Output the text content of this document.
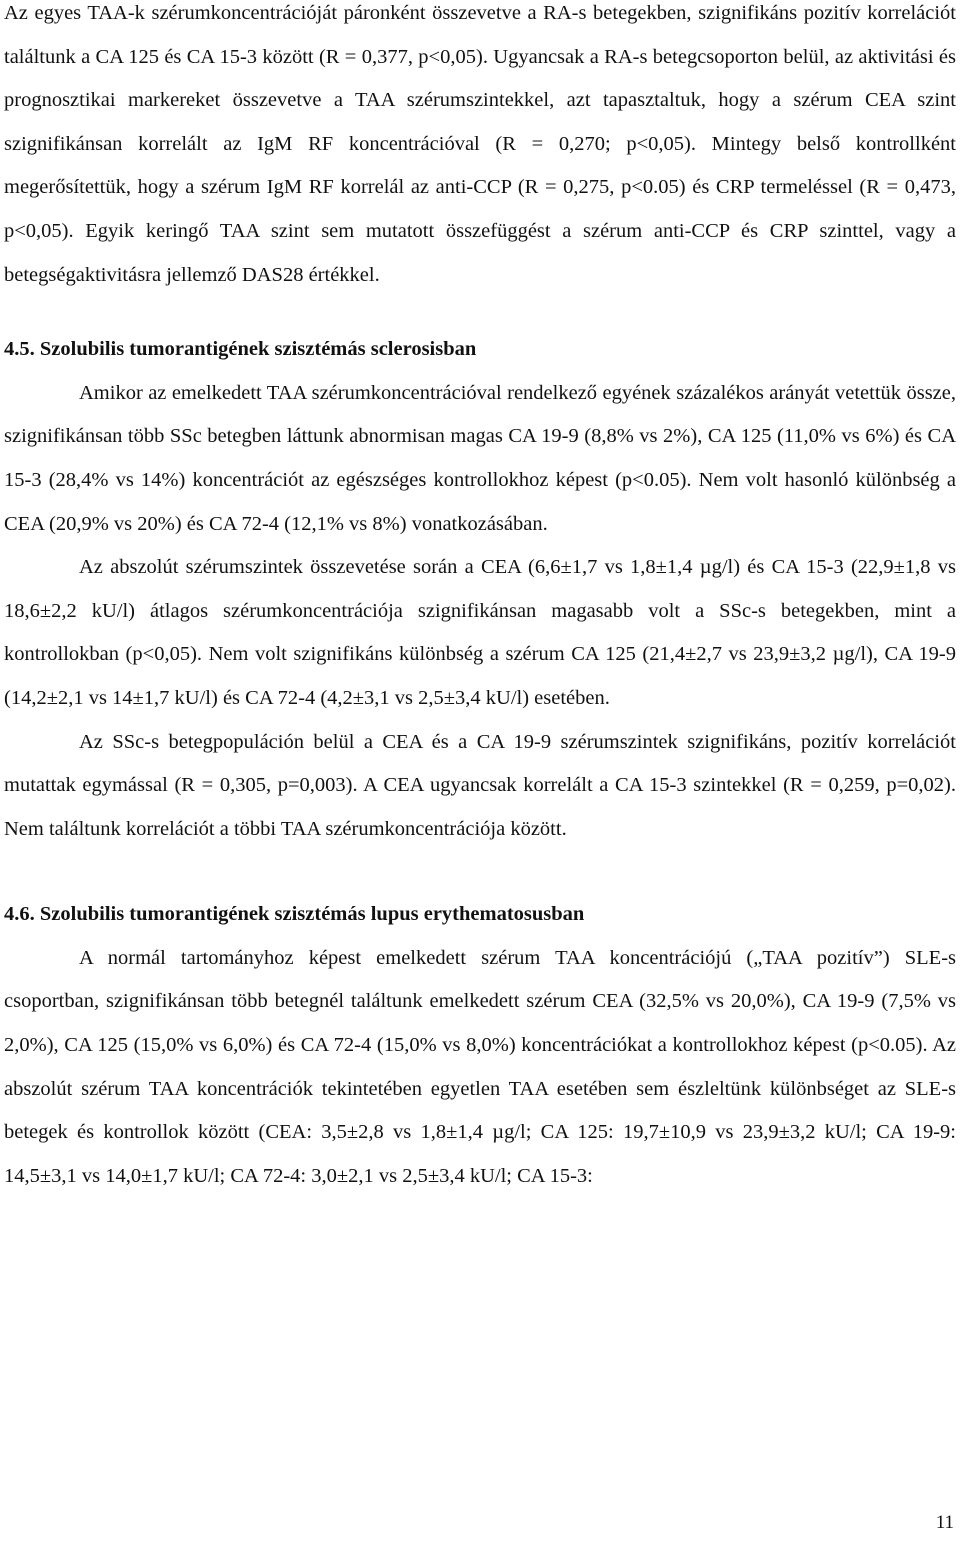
Az egyes TAA-k szérumkoncentrációját páronként összevetve a RA-s betegekben, szignifikáns pozitív korrelációt találtunk a CA 125 és CA 15-3 között (R = 0,377, p<0,05). Ugyancsak a RA-s betegcsoporton belül, az aktivitási és prognosztikai markereket összevetve a TAA szérumszintekkel, azt tapasztaltuk, hogy a szérum CEA szint szignifikánsan korrelált az IgM RF koncentrációval (R = 0,270; p<0,05). Mintegy belső kontrollként megerősítettük, hogy a szérum IgM RF korrelál az anti-CCP (R = 0,275, p<0.05) és CRP termeléssel (R = 0,473, p<0,05). Egyik keringő TAA szint sem mutatott összefüggést a szérum anti-CCP és CRP szinttel, vagy a betegségaktivitásra jellemző DAS28 értékkel.

4.5. Szolubilis tumorantigének szisztémás sclerosisban

Amikor az emelkedett TAA szérumkoncentrációval rendelkező egyének százalékos arányát vetettük össze, szignifikánsan több SSc betegben láttunk abnormisan magas CA 19-9 (8,8% vs 2%), CA 125 (11,0% vs 6%) és CA 15-3 (28,4% vs 14%) koncentrációt az egészséges kontrollokhoz képest (p<0.05). Nem volt hasonló különbség a CEA (20,9% vs 20%) és CA 72-4 (12,1% vs 8%) vonatkozásában.

Az abszolút szérumszintek összevetése során a CEA (6,6±1,7 vs 1,8±1,4 µg/l) és CA 15-3 (22,9±1,8 vs 18,6±2,2 kU/l) átlagos szérumkoncentrációja szignifikánsan magasabb volt a SSc-s betegekben, mint a kontrollokban (p<0,05). Nem volt szignifikáns különbség a szérum CA 125 (21,4±2,7 vs 23,9±3,2 µg/l), CA 19-9 (14,2±2,1 vs 14±1,7 kU/l) és CA 72-4 (4,2±3,1 vs 2,5±3,4 kU/l) esetében.

Az SSc-s betegpopuláción belül a CEA és a CA 19-9 szérumszintek szignifikáns, pozitív korrelációt mutattak egymással (R = 0,305, p=0,003). A CEA ugyancsak korrelált a CA 15-3 szintekkel (R = 0,259, p=0,02). Nem találtunk korrelációt a többi TAA szérumkoncentrációja között.

4.6. Szolubilis tumorantigének szisztémás lupus erythematosusban

A normál tartományhoz képest emelkedett szérum TAA koncentrációjú („TAA pozitív”) SLE-s csoportban, szignifikánsan több betegnél találtunk emelkedett szérum CEA (32,5% vs 20,0%), CA 19-9 (7,5% vs 2,0%), CA 125 (15,0% vs 6,0%) és CA 72-4 (15,0% vs 8,0%) koncentrációkat a kontrollokhoz képest (p<0.05). Az abszolút szérum TAA koncentrációk tekintetében egyetlen TAA esetében sem észleltünk különbséget az SLE-s betegek és kontrollok között (CEA: 3,5±2,8 vs 1,8±1,4 µg/l; CA 125: 19,7±10,9 vs 23,9±3,2 kU/l; CA 19-9: 14,5±3,1 vs 14,0±1,7 kU/l; CA 72-4: 3,0±2,1 vs 2,5±3,4 kU/l; CA 15-3:

11
